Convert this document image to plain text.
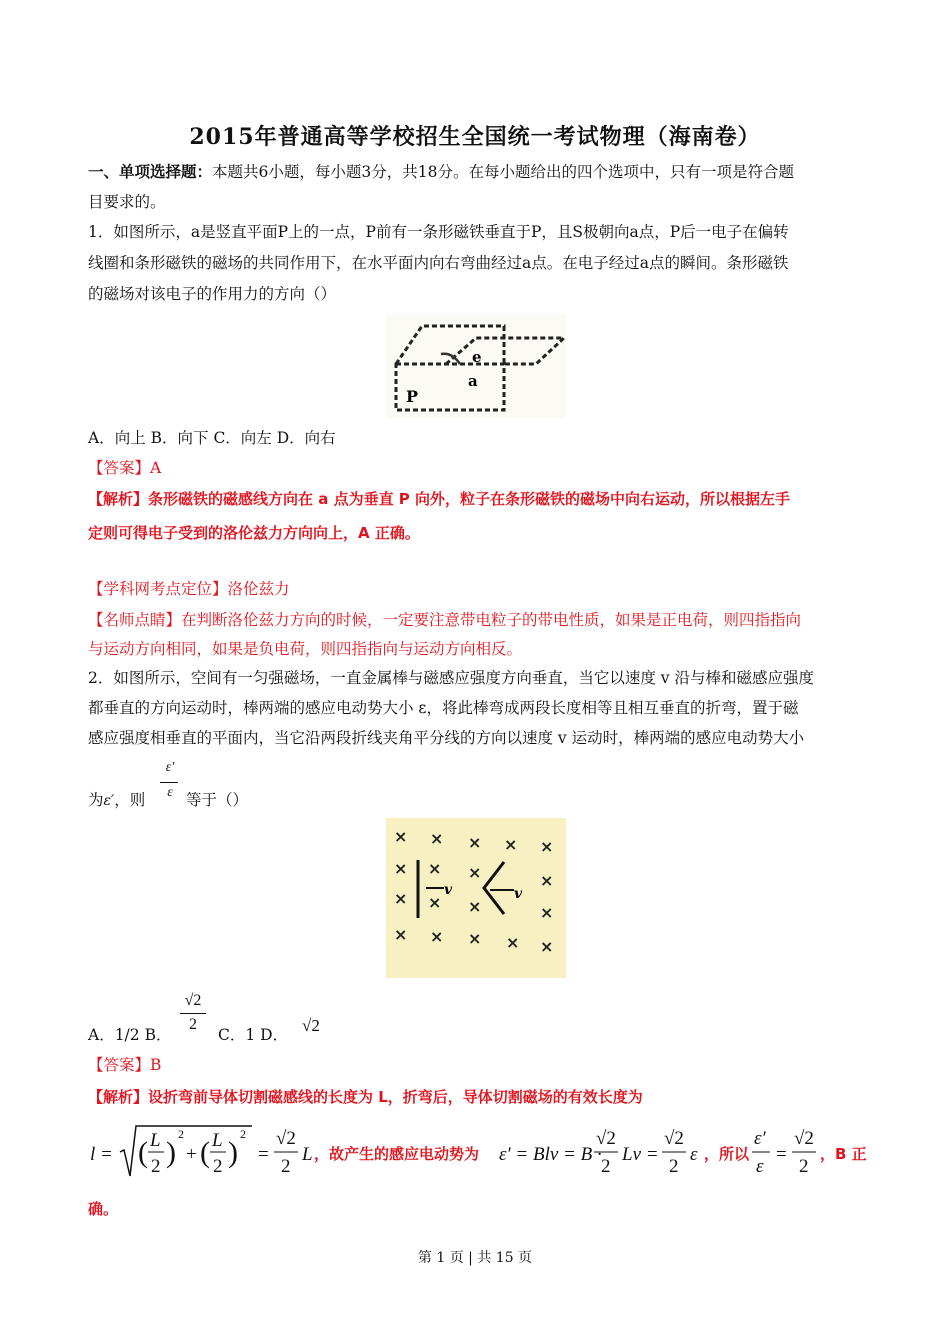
2015年普通高等学校招生全国统一考试物理（海南卷）
一、单项选择题：本题共6小题，每小题3分，共18分。在每小题给出的四个选项中，只有一项是符合题
目要求的。
1．如图所示，a是竖直平面P上的一点，P前有一条形磁铁垂直于P，且S极朝向a点，P后一电子在偏转
线圈和条形磁铁的磁场的共同作用下，在水平面内向右弯曲经过a点。在电子经过a点的瞬间。条形磁铁
的磁场对该电子的作用力的方向（）
e
a
P
A．向上 B．向下 C．向左 D．向右
【答案】A
【解析】条形磁铁的磁感线方向在 a 点为垂直 P 向外，粒子在条形磁铁的磁场中向右运动，所以根据左手
定则可得电子受到的洛伦兹力方向向上，A 正确。
【学科网考点定位】洛伦兹力
【名师点睛】在判断洛伦兹力方向的时候，一定要注意带电粒子的带电性质，如果是正电荷，则四指指向
与运动方向相同，如果是负电荷，则四指指向与运动方向相反。
2．如图所示，空间有一匀强磁场，一直金属棒与磁感应强度方向垂直，当它以速度 v 沿与棒和磁感应强度
都垂直的方向运动时，棒两端的感应电动势大小 ε，将此棒弯成两段长度相等且相互垂直的折弯，置于磁
感应强度相垂直的平面内，当它沿两段折线夹角平分线的方向以速度 v 运动时，棒两端的感应电动势大小
为ε′，则
ε′
ε 等于（）
× × × × ×
× × ×	×
× × ×	×
× × × × ×
v	v
A．1/2 B．
√2
2
C．1 D． √2
【答案】B
【解析】设折弯前导体切割磁感线的长度为 L，折弯后，导体切割磁场的有效长度为
l = ( L
2 )
2
+ ( L
2 )
2
=
√2
2
L ，故产生的感应电动势为 ε′ = Blv = B ·
√2
2
Lv =
√2
2
ε ，所以
ε′
ε
=
√2
2
，B 正
确。
第 1 页 | 共 15 页
